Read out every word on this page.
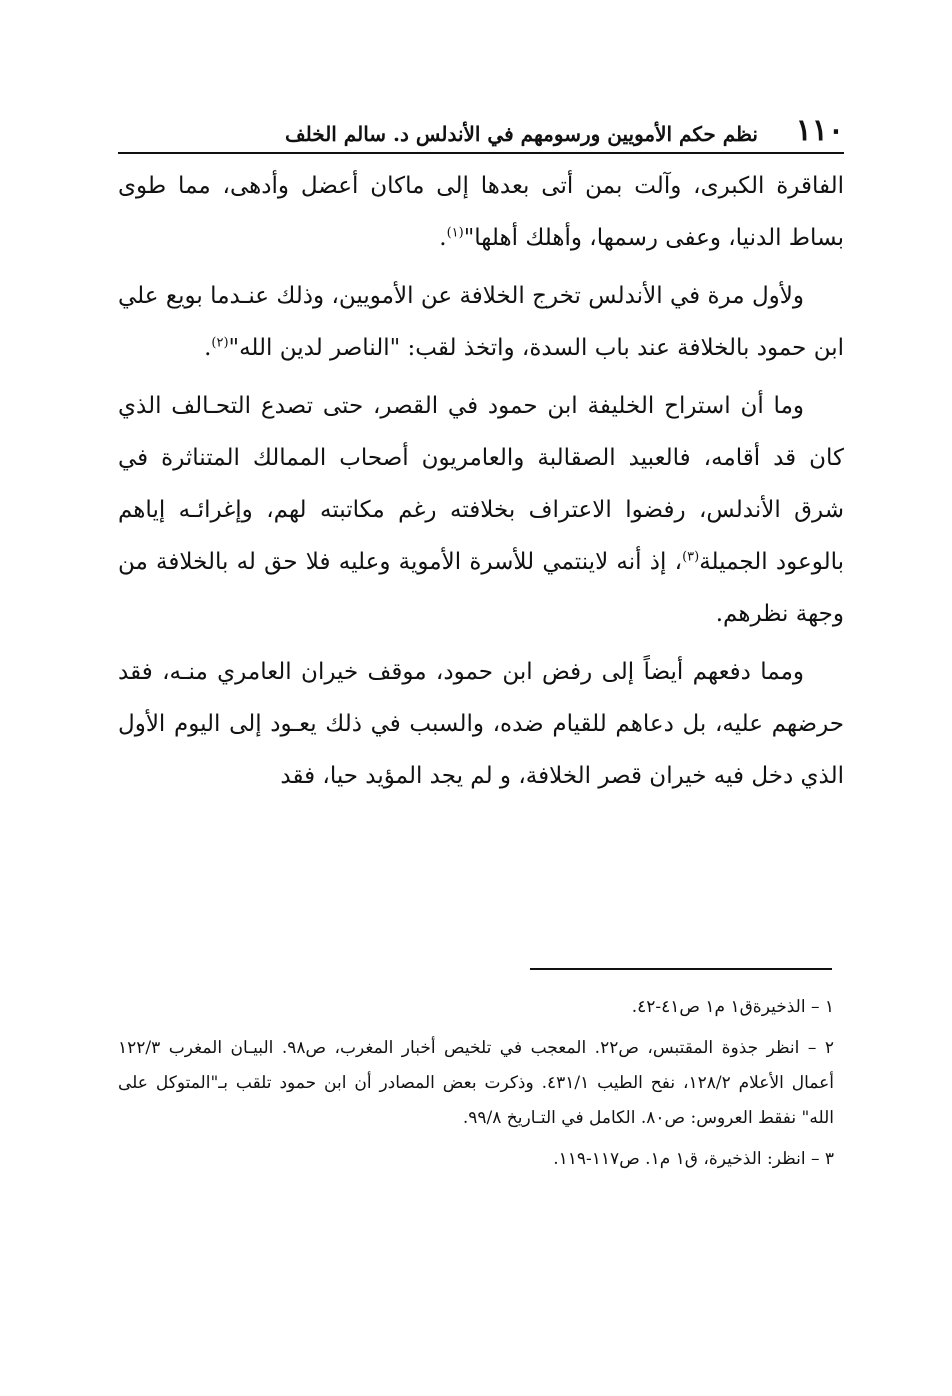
١١٠
نظم حكم الأمويين ورسومهم في الأندلس د. سالم الخلف

الفاقرة الكبرى، وآلت بمن أتى بعدها إلى ماكان أعضل وأدهى، مما طوى بساط الدنيا، وعفى رسمها، وأهلك أهلها"$^{(١)}$.

ولأول مرة في الأندلس تخرج الخلافة عن الأمويين، وذلك عنـدما بويع علي ابن حمود بالخلافة عند باب السدة، واتخذ لقب: "الناصر لدين الله"$^{(٢)}$.

وما أن استراح الخليفة ابن حمود في القصر، حتى تصدع التحـالف الذي كان قد أقامه، فالعبيد الصقالبة والعامريون أصحاب الممالك المتناثرة في شرق الأندلس، رفضوا الاعتراف بخلافته رغم مكاتبته لهم، وإغرائـه إياهم بالوعود الجميلة$^{(٣)}$، إذ أنه لاينتمي للأسرة الأموية وعليه فلا حق له بالخلافة من وجهة نظرهم.

ومما دفعهم أيضاً إلى رفض ابن حمود، موقف خيران العامري منـه، فقد حرضهم عليه، بل دعاهم للقيام ضده، والسبب في ذلك يعـود إلى اليوم الأول الذي دخل فيه خيران قصر الخلافة، و لم يجد المؤيد حيا، فقد

١ – الذخيرةق١ م١ ص٤١-٤٢.

٢ – انظر جذوة المقتبس، ص٢٢. المعجب في تلخيص أخبار المغرب، ص٩٨. البيـان المغرب ١٢٢/٣ أعمال الأعلام ١٢٨/٢، نفح الطيب ٤٣١/١. وذكرت بعض المصادر أن ابن حمود تلقب بـ"المتوكل على الله" نفقط العروس: ص٨٠. الكامل في التـاريخ ٩٩/٨.

٣ – انظر: الذخيرة، ق١ م١. ص١١٧-١١٩.
